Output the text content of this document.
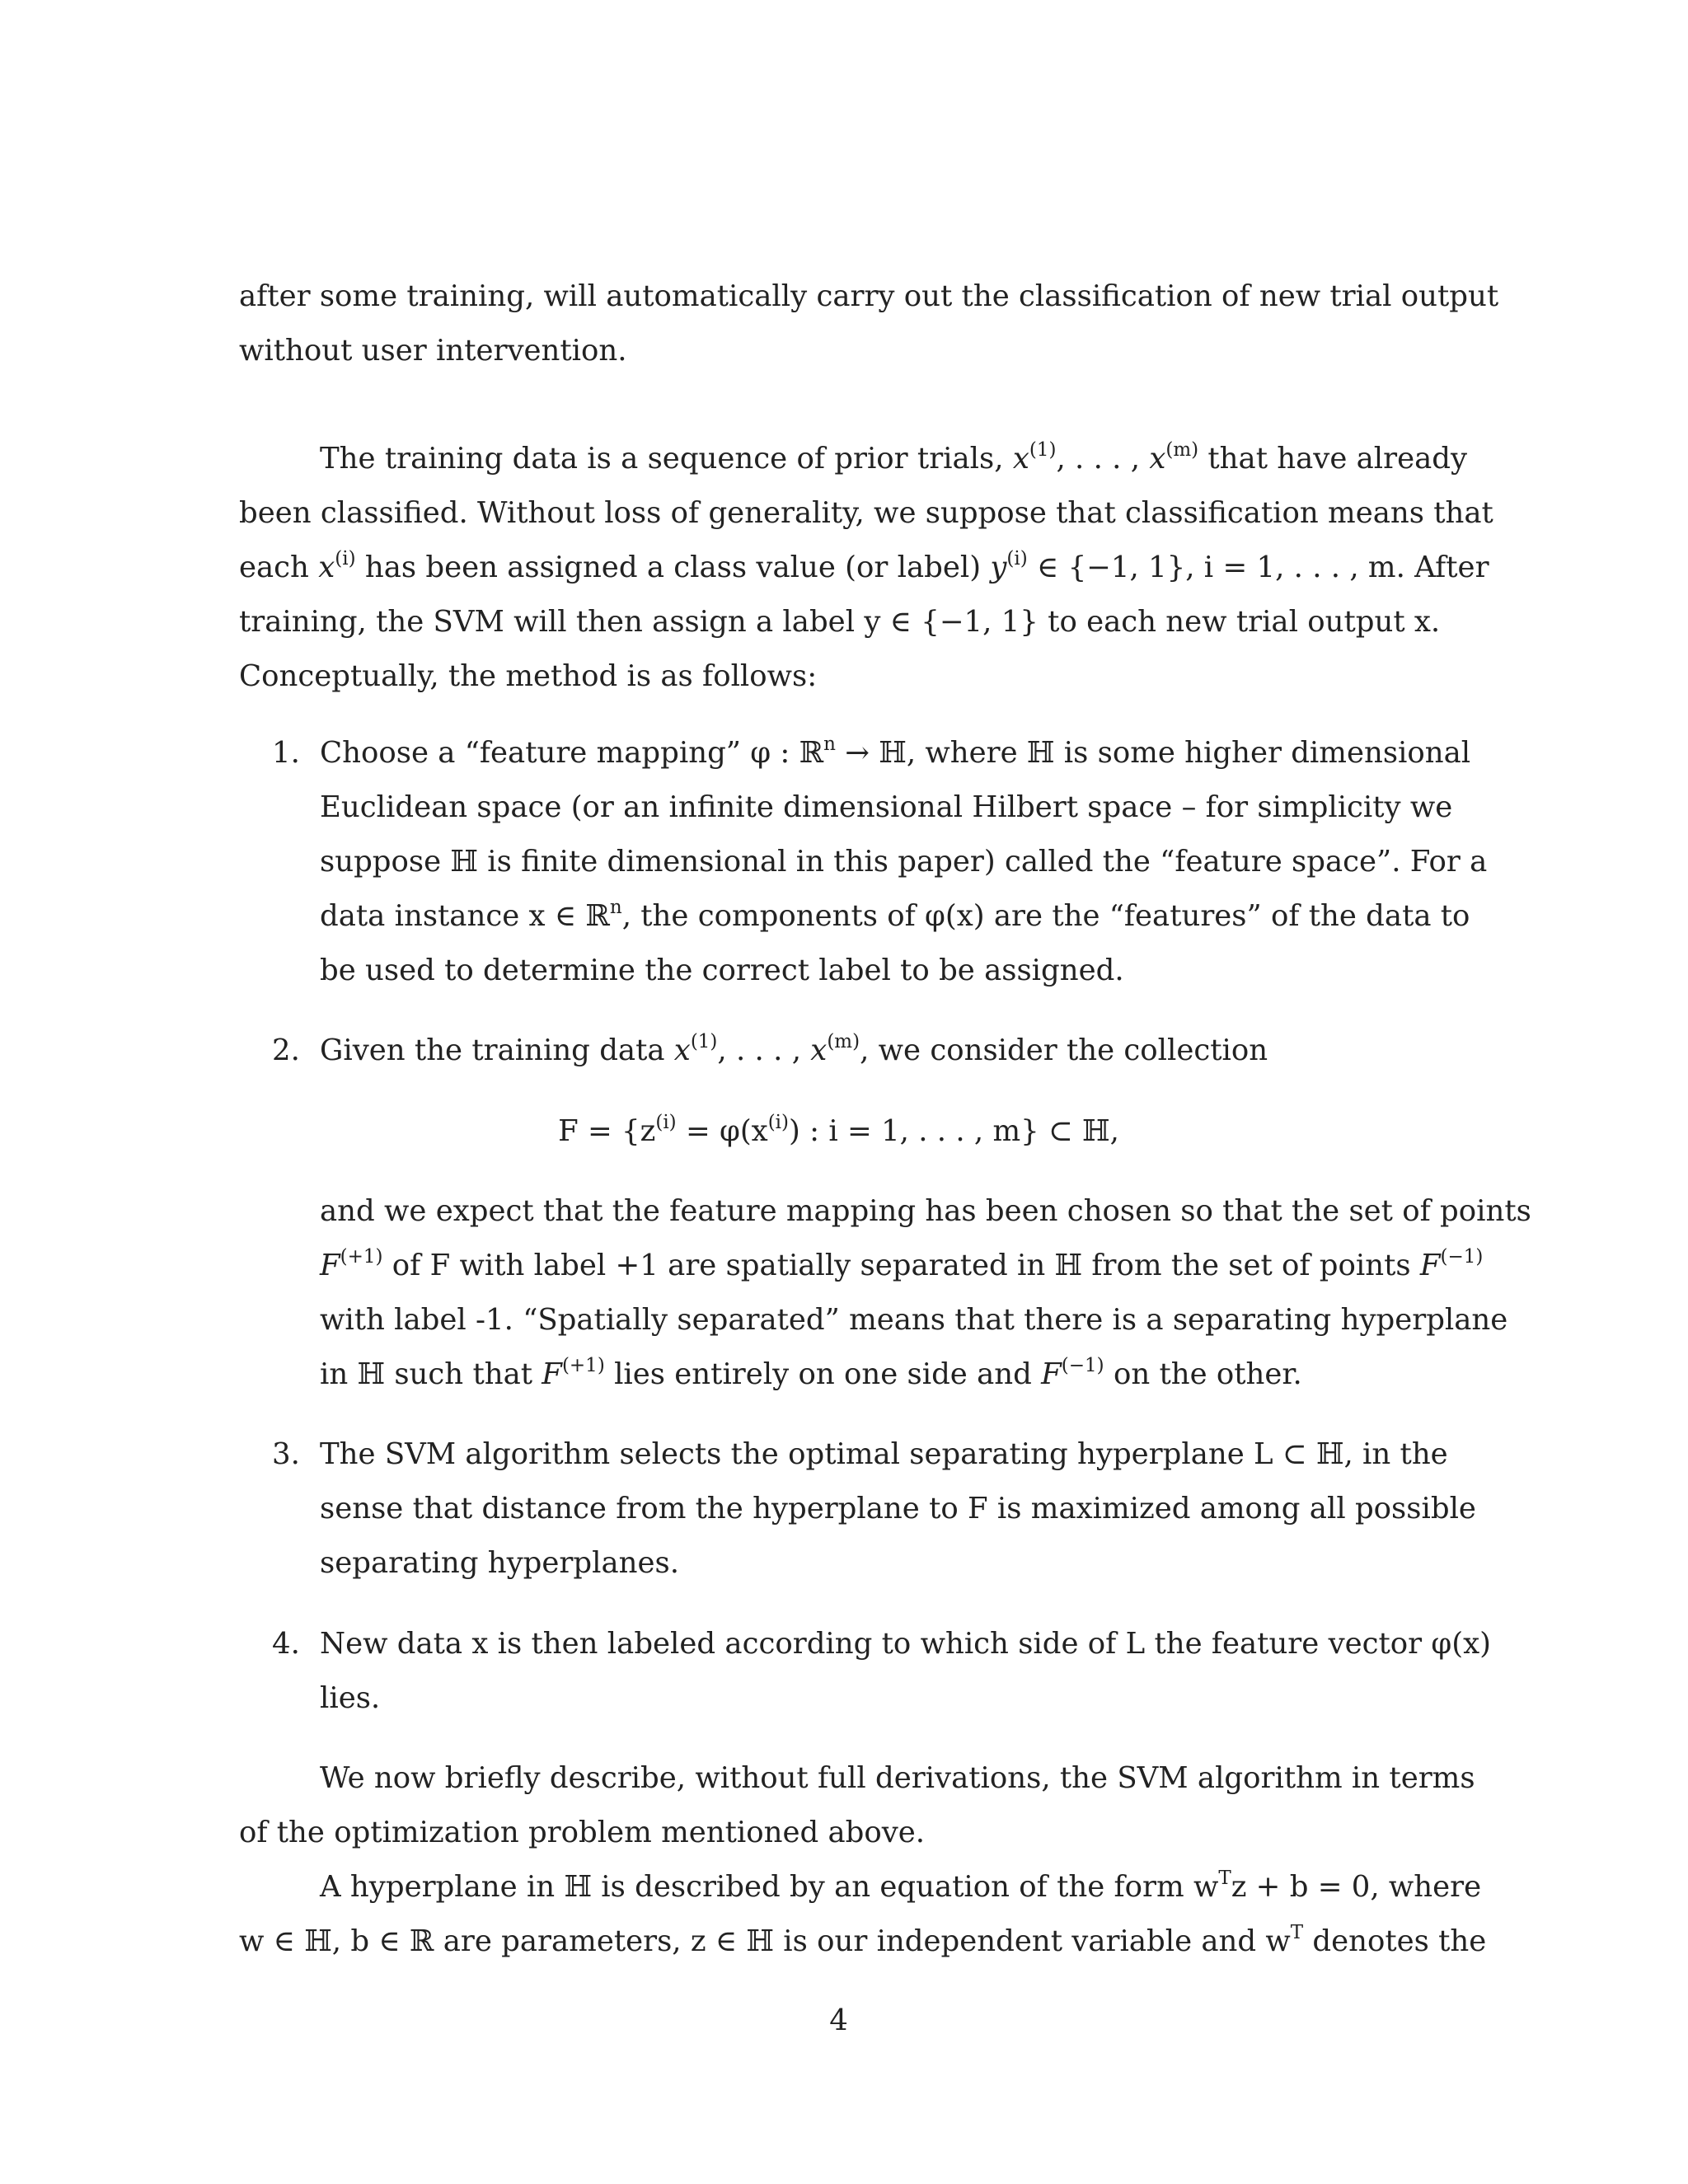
after some training, will automatically carry out the classification of new trial output
without user intervention.
The training data is a sequence of prior trials, $x^{(1)}$, . . . , $x^{(m)}$ that have already
been classified. Without loss of generality, we suppose that classification means that
each $x^{(i)}$ has been assigned a class value (or label) $y^{(i)}$ ∈ {−1, 1}, i = 1, . . . , m. After
training, the SVM will then assign a label y ∈ {−1, 1} to each new trial output x.
Conceptually, the method is as follows:
1. Choose a “feature mapping” φ : ℝ$^n$ → ℍ, where ℍ is some higher dimensional
Euclidean space (or an infinite dimensional Hilbert space – for simplicity we
suppose ℍ is finite dimensional in this paper) called the “feature space”. For a
data instance x ∈ ℝ$^n$, the components of φ(x) are the “features” of the data to
be used to determine the correct label to be assigned.
2. Given the training data $x^{(1)}$, . . . , $x^{(m)}$, we consider the collection
$F = \{z^{(i)} = \varphi(x^{(i)})$ : i = 1, . . . , m} ⊂ ℍ,
and we expect that the feature mapping has been chosen so that the set of points
$F^{(+1)}$ of F with label +1 are spatially separated in ℍ from the set of points $F^{(-1)}$
with label -1. “Spatially separated” means that there is a separating hyperplane
in ℍ such that $F^{(+1)}$ lies entirely on one side and $F^{(-1)}$ on the other.
3. The SVM algorithm selects the optimal separating hyperplane L ⊂ ℍ, in the
sense that distance from the hyperplane to F is maximized among all possible
separating hyperplanes.
4. New data x is then labeled according to which side of L the feature vector φ(x)
lies.
We now briefly describe, without full derivations, the SVM algorithm in terms
of the optimization problem mentioned above.
A hyperplane in ℍ is described by an equation of the form $w^Tz + b = 0$, where
w ∈ ℍ, b ∈ ℝ are parameters, z ∈ ℍ is our independent variable and $w^T$ denotes the
4
